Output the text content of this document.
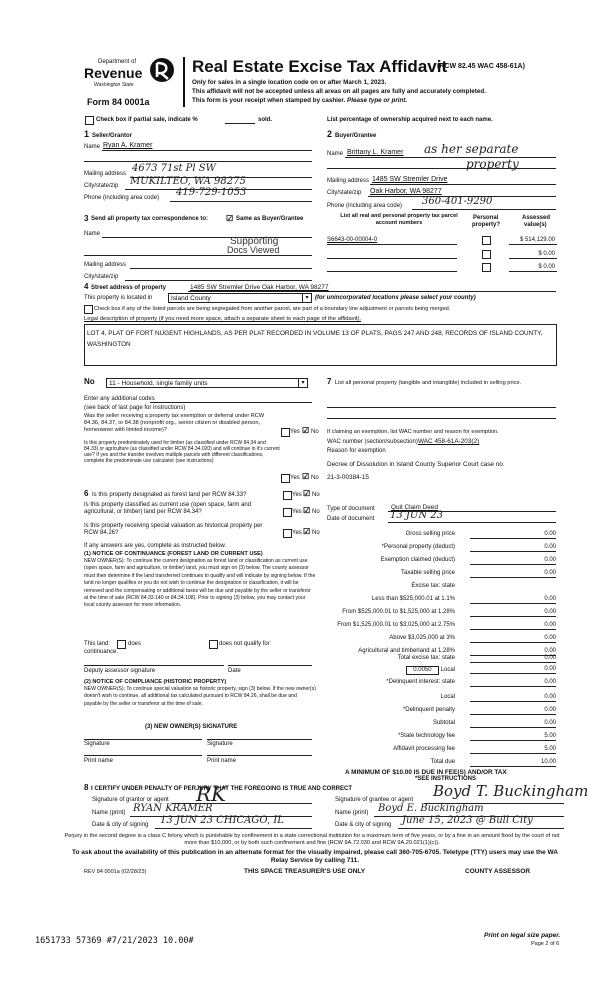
Department of
Revenue
Washington State
Form 84 0001a
Real Estate Excise Tax Affidavit
(RCW 82.45 WAC 458-61A)
Only for sales in a single location code on or after March 1, 2023.
This affidavit will not be accepted unless all areas on all pages are fully and accurately completed.
This form is your receipt when stamped by cashier. Please type or print.
Check box if partial sale, indicate %	sold.	List percentage of ownership acquired next to each name.
1 Seller/Grantor
Name Ryan A. Kramer
Mailing address 4673 71st Pl SW
City/state/zip MUKILTEO, WA 98275
Phone (including area code) 419-729-1053
2 Buyer/Grantee
Name Brittany L. Kramer as her separate
property
Mailing address 1485 SW Stremler Drive
City/state/zip Oak Harbor, WA 98277
Phone (including area code) 360-401-9290
3 Send all property tax correspondence to: ☑ Same as Buyer/Grantee
Name
Supporting
Docs Viewed
Mailing address
City/state/zip
List all real and personal property tax parcel account numbers
Personal
property?
Assessed
value(s)
S6643-00-00004-0	$ 514,129.00
$ 0.00
$ 0.00
4 Street address of property	1485 SW Stremler Drive Oak Harbor, WA 98277
This property is located in	Island County	▾	(for unincorporated locations please select your county)
Check box if any of the listed parcels are being segregated from another parcel, are part of a boundary line adjustment or parcels being merged.
Legal description of property (if you need more space, attach a separate sheet to each page of the affidavit).
LOT 4, PLAT OF FORT NUGENT HIGHLANDS, AS PER PLAT RECORDED IN VOLUME 13 OF PLATS, PAGS 247 AND 248, RECORDS OF ISLAND COUNTY, WASHINGTON
No 11 - Household, single family units	▾
Enter any additional codes
(see back of last page for instructions)
Was the seller receiving a property tax exemption or deferral under RCW 84.36, 84.37, or 84.38 (nonprofit org., senior citizen or disabled person, homeowner with limited income)?	Yes ☑ No
Is this property predominately used for timber (as classified under RCW 84.34 and 84.33) or agriculture (as classified under RCW 84.34.020) and will continue in it's current use? If yes and the transfer involves multiple parcels with different classifications, complete the predominate use calculator (see instructions)
Yes ☑ No
6 Is this property designated as forest land per RCW 84.33?	Yes ☑ No
Is this property classified as current use (open space, farm and agricultural, or timber) land per RCW 84.34?	Yes ☑ No
Is this property receiving special valuation as historical property per RCW 84.26?	Yes ☑ No
If any answers are yes, complete as instructed below.
(1) NOTICE OF CONTINUANCE (FOREST LAND OR CURRENT USE)
NEW OWNER(S): To continue the current designation as forest land or classification as current use (open space, farm and agriculture, or timber) land, you must sign on (3) below. The county assessor must then determine if the land transferred continues to qualify and will indicate by signing below. If the land no longer qualifies or you do not wish to continue the designation or classification, it will be removed and the compensating or additional taxes will be due and payable by the seller or transferor at the time of sale (RCW 84.33.140 or 84.34.108). Prior to signing (3) below, you may contact your local county assessor for more information.
This land:	does	does not qualify for
continuance.
Deputy assessor signature	Date
(2) NOTICE OF COMPLIANCE (HISTORIC PROPERTY)
NEW OWNER(S): To continue special valuation as historic property, sign (3) below. If the new owner(s) doesn't wish to continue, all additional tax calculated pursuant to RCW 84.26, shall be due and payable by the seller or transferor at the time of sale.
(3) NEW OWNER(S) SIGNATURE
Signature	Signature
Print name	Print name
7 List all personal property (tangible and intangible) included in selling price.
If claiming an exemption, list WAC number and reason for exemption.
WAC number (section/subsection) WAC 458-61A-203(2)
Reason for exemption
Decree of Dissolution in Island County Superior Court case no.
21-3-00384-15
Type of document	Quit Claim Deed
Date of document 13 JUN 23
Gross selling price	0.00
*Personal property (deduct)	0.00
Exemption claimed (deduct)	0.00
Taxable selling price	0.00
Excise tax: state
Less than $525,000.01 at 1.1%	0.00
From $525,000.01 to $1,525,000 at 1.28%	0.00
From $1,525,000.01 to $3,025,000 at 2.75%	0.00
Above $3,025,000 at 3%	0.00
Agricultural and timberland at 1.28%	0.00
Total excise tax: state	0.00
0.0050 Local	0.00
*Delinquent interest: state	0.00
Local	0.00
*Delinquent penalty	0.00
Subtotal	0.00
*State technology fee	5.00
Affidavit processing fee	5.00
Total due	10.00
A MINIMUM OF $10.00 IS DUE IN FEE(S) AND/OR TAX
*SEE INSTRUCTIONS
8 I CERTIFY UNDER PENALTY OF PERJURY THAT THE FOREGOING IS TRUE AND CORRECT
Signature of grantor or agent RK
Name (print) RYAN KRAMER
Date & city of signing 13 JUN 23 CHICAGO, IL
Signature of grantee or agent Boyd T. Buckingham
Name (print) Boyd E. Buckingham
Date & city of signing June 15, 2023 @ Bull City
Perjury in the second degree is a class C felony which is punishable by confinement in a state correctional institution for a maximum term of five years, or by a fine in an amount fixed by the court of not more than $10,000, or by both such confinement and fine (RCW 9A.72.030 and RCW 9A.20.021(1)(c)).
To ask about the availability of this publication in an alternate format for the visually impaired, please call 360-705-6705. Teletype (TTY) users may use the WA Relay Service by calling 711.
REV 84 0001a (02/28/23)	THIS SPACE TREASURER'S USE ONLY	COUNTY ASSESSOR
1651733 57369 #7/21/2023 10.00#
Print on legal size paper.
Page 2 of 6
